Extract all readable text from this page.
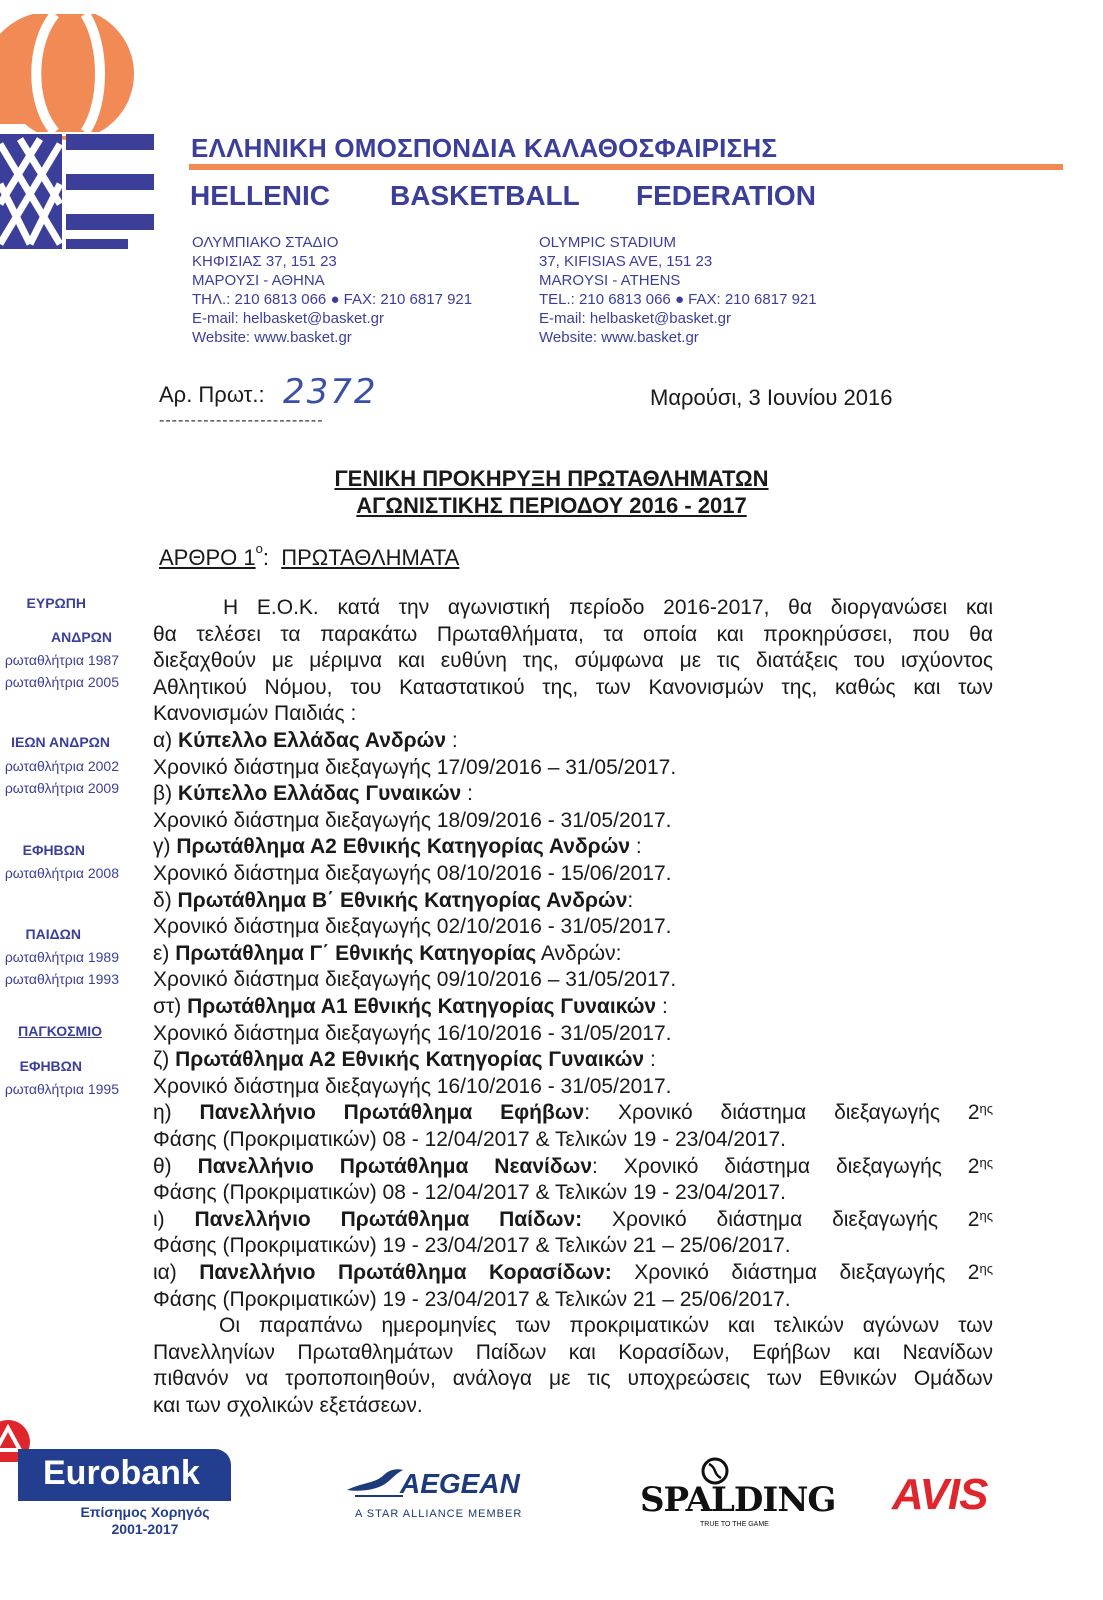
ΕΛΛΗΝΙΚΗ ΟΜΟΣΠΟΝΔΙΑ ΚΑΛΑΘΟΣΦΑΙΡΙΣΗΣ
HELLENIC BASKETBALL FEDERATION
ΟΛΥΜΠΙΑΚΟ ΣΤΑΔΙΟ
ΚΗΦΙΣΙΑΣ 37, 151 23
ΜΑΡΟΥΣΙ - ΑΘΗΝΑ
ΤΗΛ.: 210 6813 066 ● FAX: 210 6817 921
E-mail: helbasket@basket.gr
Website: www.basket.gr
OLYMPIC STADIUM
37, KIFISIAS AVE, 151 23
MAROYSI - ATHENS
TEL.: 210 6813 066 ● FAX: 210 6817 921
E-mail: helbasket@basket.gr
Website: www.basket.gr
Αρ. Πρωτ.: 2372
--------------------------
Μαρούσι, 3 Ιουνίου 2016
ΓΕΝΙΚΗ ΠΡΟΚΗΡΥΞΗ ΠΡΩΤΑΘΛΗΜΑΤΩΝ
ΑΓΩΝΙΣΤΙΚΗΣ ΠΕΡΙΟΔΟΥ 2016 - 2017
ΑΡΘΡΟ $1^o$: ΠΡΩΤΑΘΛΗΜΑΤΑ
ΕΥΡΩΠΗ
ΑΝΔΡΩΝ
ρωταθλήτρια 1987
ρωταθλήτρια 2005
ΙΕΩΝ ΑΝΔΡΩΝ
ρωταθλήτρια 2002
ρωταθλήτρια 2009
ΕΦΗΒΩΝ
ρωταθλήτρια 2008
ΠΑΙΔΩΝ
ρωταθλήτρια 1989
ρωταθλήτρια 1993
ΠΑΓΚΟΣΜΙΟ
ΕΦΗΒΩΝ
ρωταθλήτρια 1995
Η Ε.Ο.Κ. κατά την αγωνιστική περίοδο 2016-2017, θα διοργανώσει και
θα τελέσει τα παρακάτω Πρωταθλήματα, τα οποία και προκηρύσσει, που θα
διεξαχθούν με μέριμνα και ευθύνη της, σύμφωνα με τις διατάξεις του ισχύοντος
Αθλητικού Νόμου, του Καταστατικού της, των Κανονισμών της, καθώς και των
Κανονισμών Παιδιάς :
α) Κύπελλο Ελλάδας Ανδρών :
Χρονικό διάστημα διεξαγωγής 17/09/2016 – 31/05/2017.
β) Κύπελλο Ελλάδας Γυναικών :
Χρονικό διάστημα διεξαγωγής 18/09/2016 - 31/05/2017.
γ) Πρωτάθλημα Α2 Εθνικής Κατηγορίας Ανδρών :
Χρονικό διάστημα διεξαγωγής 08/10/2016 - 15/06/2017.
δ) Πρωτάθλημα Β΄ Εθνικής Κατηγορίας Ανδρών:
Χρονικό διάστημα διεξαγωγής 02/10/2016 - 31/05/2017.
ε) Πρωτάθλημα Γ΄ Εθνικής Κατηγορίας Ανδρών:
Χρονικό διάστημα διεξαγωγής 09/10/2016 – 31/05/2017.
στ) Πρωτάθλημα Α1 Εθνικής Κατηγορίας Γυναικών :
Χρονικό διάστημα διεξαγωγής 16/10/2016 - 31/05/2017.
ζ) Πρωτάθλημα Α2 Εθνικής Κατηγορίας Γυναικών :
Χρονικό διάστημα διεξαγωγής 16/10/2016 - 31/05/2017.
η) Πανελλήνιο Πρωτάθλημα Εφήβων: Χρονικό διάστημα διεξαγωγής $2^{\eta\varsigma}$
Φάσης (Προκριματικών) 08 - 12/04/2017 & Τελικών 19 - 23/04/2017.
θ) Πανελλήνιο Πρωτάθλημα Νεανίδων: Χρονικό διάστημα διεξαγωγής $2^{\eta\varsigma}$
Φάσης (Προκριματικών) 08 - 12/04/2017 & Τελικών 19 - 23/04/2017.
ι) Πανελλήνιο Πρωτάθλημα Παίδων: Χρονικό διάστημα διεξαγωγής $2^{\eta\varsigma}$
Φάσης (Προκριματικών) 19 - 23/04/2017 & Τελικών 21 – 25/06/2017.
ια) Πανελλήνιο Πρωτάθλημα Κορασίδων: Χρονικό διάστημα διεξαγωγής $2^{\eta\varsigma}$
Φάσης (Προκριματικών) 19 - 23/04/2017 & Τελικών 21 – 25/06/2017.
Οι παραπάνω ημερομηνίες των προκριματικών και τελικών αγώνων των
Πανελληνίων Πρωταθλημάτων Παίδων και Κορασίδων, Εφήβων και Νεανίδων
πιθανόν να τροποποιηθούν, ανάλογα με τις υποχρεώσεις των Εθνικών Ομάδων
και των σχολικών εξετάσεων.
Eurobank
Επίσημος Χορηγός
2001-2017
AEGEAN
A STAR ALLIANCE MEMBER	SPALDING
TRUE TO THE GAME
AVIS
